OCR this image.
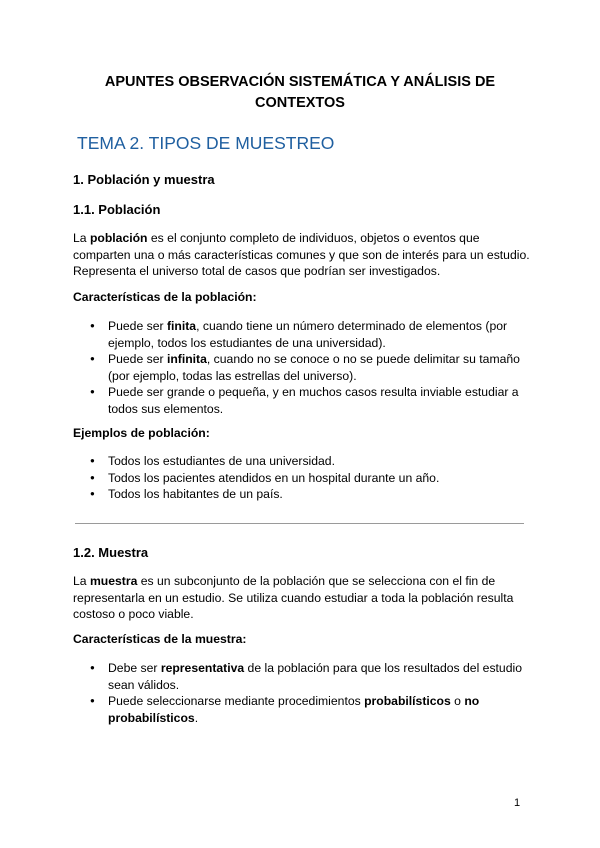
APUNTES OBSERVACIÓN SISTEMÁTICA Y ANÁLISIS DE CONTEXTOS
TEMA 2. TIPOS DE MUESTREO
1. Población y muestra
1.1. Población
La población es el conjunto completo de individuos, objetos o eventos que comparten una o más características comunes y que son de interés para un estudio. Representa el universo total de casos que podrían ser investigados.
Características de la población:
● Puede ser finita, cuando tiene un número determinado de elementos (por ejemplo, todos los estudiantes de una universidad).
● Puede ser infinita, cuando no se conoce o no se puede delimitar su tamaño (por ejemplo, todas las estrellas del universo).
● Puede ser grande o pequeña, y en muchos casos resulta inviable estudiar a todos sus elementos.
Ejemplos de población:
● Todos los estudiantes de una universidad.
● Todos los pacientes atendidos en un hospital durante un año.
● Todos los habitantes de un país.
1.2. Muestra
La muestra es un subconjunto de la población que se selecciona con el fin de representarla en un estudio. Se utiliza cuando estudiar a toda la población resulta costoso o poco viable.
Características de la muestra:
● Debe ser representativa de la población para que los resultados del estudio sean válidos.
● Puede seleccionarse mediante procedimientos probabilísticos o no probabilísticos.
1
